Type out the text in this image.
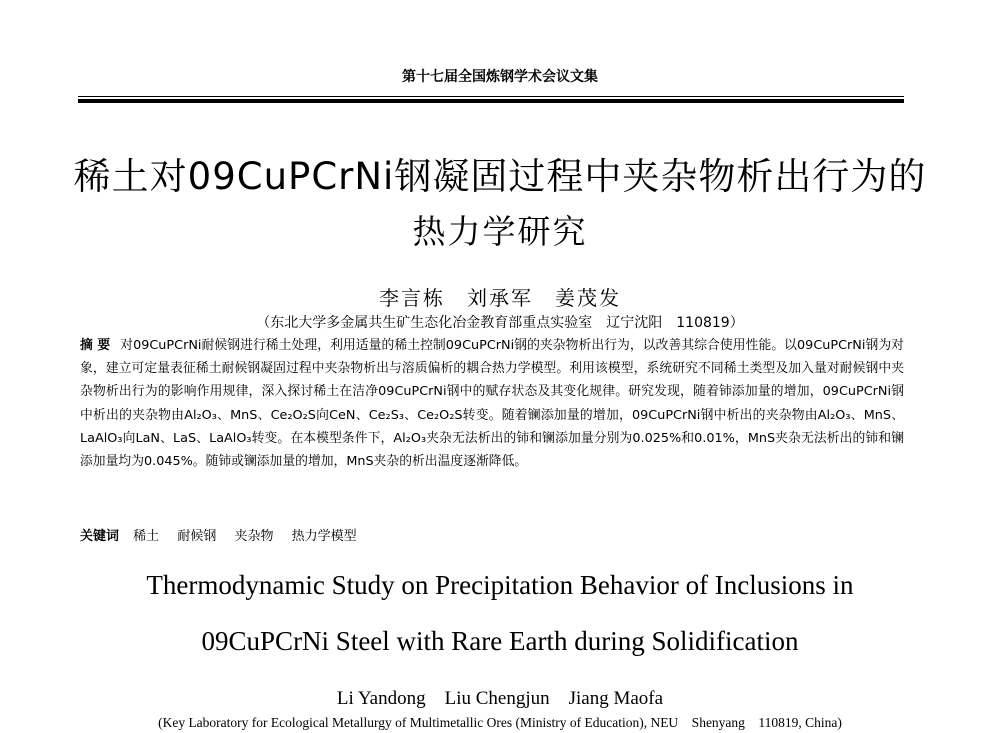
第十七届全国炼钢学术会议文集
稀土对09CuPCrNi钢凝固过程中夹杂物析出行为的
热力学研究
李言栋　刘承军　姜茂发
（东北大学多金属共生矿生态化冶金教育部重点实验室　辽宁沈阳　110819）
摘 要 对09CuPCrNi耐候钢进行稀土处理，利用适量的稀土控制09CuPCrNi钢的夹杂物析出行为，以改善其综合使用性能。以09CuPCrNi钢为对象，建立可定量表征稀土耐候钢凝固过程中夹杂物析出与溶质偏析的耦合热力学模型。利用该模型，系统研究不同稀土类型及加入量对耐候钢中夹杂物析出行为的影响作用规律，深入探讨稀土在洁净09CuPCrNi钢中的赋存状态及其变化规律。研究发现，随着铈添加量的增加，09CuPCrNi钢中析出的夹杂物由Al₂O₃、MnS、Ce₂O₂S向CeN、Ce₂S₃、Ce₂O₂S转变。随着镧添加量的增加，09CuPCrNi钢中析出的夹杂物由Al₂O₃、MnS、LaAlO₃向LaN、LaS、LaAlO₃转变。在本模型条件下，Al₂O₃夹杂无法析出的铈和镧添加量分别为0.025%和0.01%，MnS夹杂无法析出的铈和镧添加量均为0.045%。随铈或镧添加量的增加，MnS夹杂的析出温度逐渐降低。
关键词 稀土 耐候钢 夹杂物 热力学模型
Thermodynamic Study on Precipitation Behavior of Inclusions in
09CuPCrNi Steel with Rare Earth during Solidification
Li Yandong　Liu Chengjun　Jiang Maofa
(Key Laboratory for Ecological Metallurgy of Multimetallic Ores (Ministry of Education), NEU　Shenyang　110819, China)
